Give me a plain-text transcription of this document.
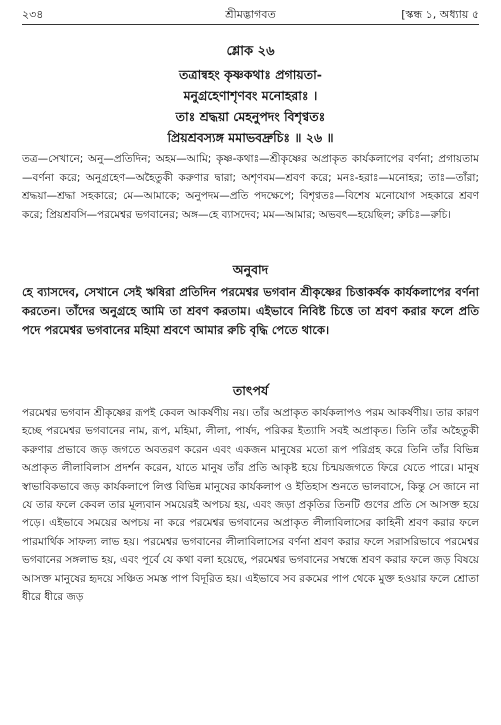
২৩৪	শ্রীমদ্ভাগবত	[স্কন্ধ ১, অধ্যায় ৫
শ্লোক ২৬
তত্রান্বহং কৃষ্ণকথাঃ প্রগায়তা-
মনুগ্রহেণাশৃণবং মনোহরাঃ ।
তাঃ শ্রদ্ধয়া মেহনুপদং বিশৃণ্বতঃ
প্রিয়শ্রবস্যঙ্গ মমাভবদ্রুচিঃ ॥ ২৬ ॥
তত্র—সেখানে; অনু—প্রতিদিন; অহম—আমি; কৃষ্ণ-কথাঃ—শ্রীকৃষ্ণের অপ্রাকৃত কার্যকলাপের বর্ণনা; প্রগায়তাম—বর্ণনা করে; অনুগ্রহেণ—অহৈতুকী করুণার দ্বারা; অশৃণবম—শ্রবণ করে; মনঃ-হরাঃ—মনোহর; তাঃ—তাঁরা; শ্রদ্ধয়া—শ্রদ্ধা সহকারে; মে—আমাকে; অনুপদম—প্রতি পদক্ষেপে; বিশৃণ্বতঃ—বিশেষ মনোযোগ সহকারে শ্রবণ করে; প্রিয়শ্রবসি—পরমেশ্বর ভগবানের; অঙ্গ—হে ব্যাসদেব; মম—আমার; অভবৎ—হয়েছিল; রুচিঃ—রুচি।
অনুবাদ
হে ব্যাসদেব, সেখানে সেই ঋষিরা প্রতিদিন পরমেশ্বর ভগবান শ্রীকৃষ্ণের চিত্তাকর্ষক কার্যকলাপের বর্ণনা করতেন। তাঁদের অনুগ্রহে আমি তা শ্রবণ করতাম। এইভাবে নিবিষ্ট চিত্তে তা শ্রবণ করার ফলে প্রতি পদে পরমেশ্বর ভগবানের মহিমা শ্রবণে আমার রুচি বৃদ্ধি পেতে থাকে।
তাৎপর্য

পরমেশ্বর ভগবান শ্রীকৃষ্ণের রূপই কেবল আকর্ষণীয় নয়। তাঁর অপ্রাকৃত কার্যকলাপও পরম আকর্ষণীয়। তার কারণ হচ্ছে পরমেশ্বর ভগবানের নাম, রূপ, মহিমা, লীলা, পার্ষদ, পরিকর ইত্যাদি সবই অপ্রাকৃত। তিনি তাঁর অহৈতুকী করুণার প্রভাবে জড় জগতে অবতরণ করেন এবং একজন মানুষের মতো রূপ পরিগ্রহ করে তিনি তাঁর বিভিন্ন অপ্রাকৃত লীলাবিলাস প্রদর্শন করেন, যাতে মানুষ তাঁর প্রতি আকৃষ্ট হয়ে চিন্ময়জগতে ফিরে যেতে পারে। মানুষ স্বাভাবিকভাবে জড় কার্যকলাপে লিপ্ত বিভিন্ন মানুষের কার্যকলাপ ও ইতিহাস শুনতে ভালবাসে, কিন্তু সে জানে না যে তার ফলে কেবল তার মূল্যবান সময়েরই অপচয় হয়, এবং জড়া প্রকৃতির তিনটি গুণের প্রতি সে আসক্ত হয়ে পড়ে। এইভাবে সময়ের অপচয় না করে পরমেশ্বর ভগবানের অপ্রাকৃত লীলাবিলাসের কাহিনী শ্রবণ করার ফলে পারমার্থিক সাফল্য লাভ হয়। পরমেশ্বর ভগবানের লীলাবিলাসের বর্ণনা শ্রবণ করার ফলে সরাসরিভাবে পরমেশ্বর ভগবানের সঙ্গলাভ হয়, এবং পূর্বে যে কথা বলা হয়েছে, পরমেশ্বর ভগবানের সম্বন্ধে শ্রবণ করার ফলে জড় বিষয়ে আসক্ত মানুষের হৃদয়ে সঞ্চিত সমস্ত পাপ বিদূরিত হয়। এইভাবে সব রকমের পাপ থেকে মুক্ত হওয়ার ফলে শ্রোতা ধীরে ধীরে জড়
